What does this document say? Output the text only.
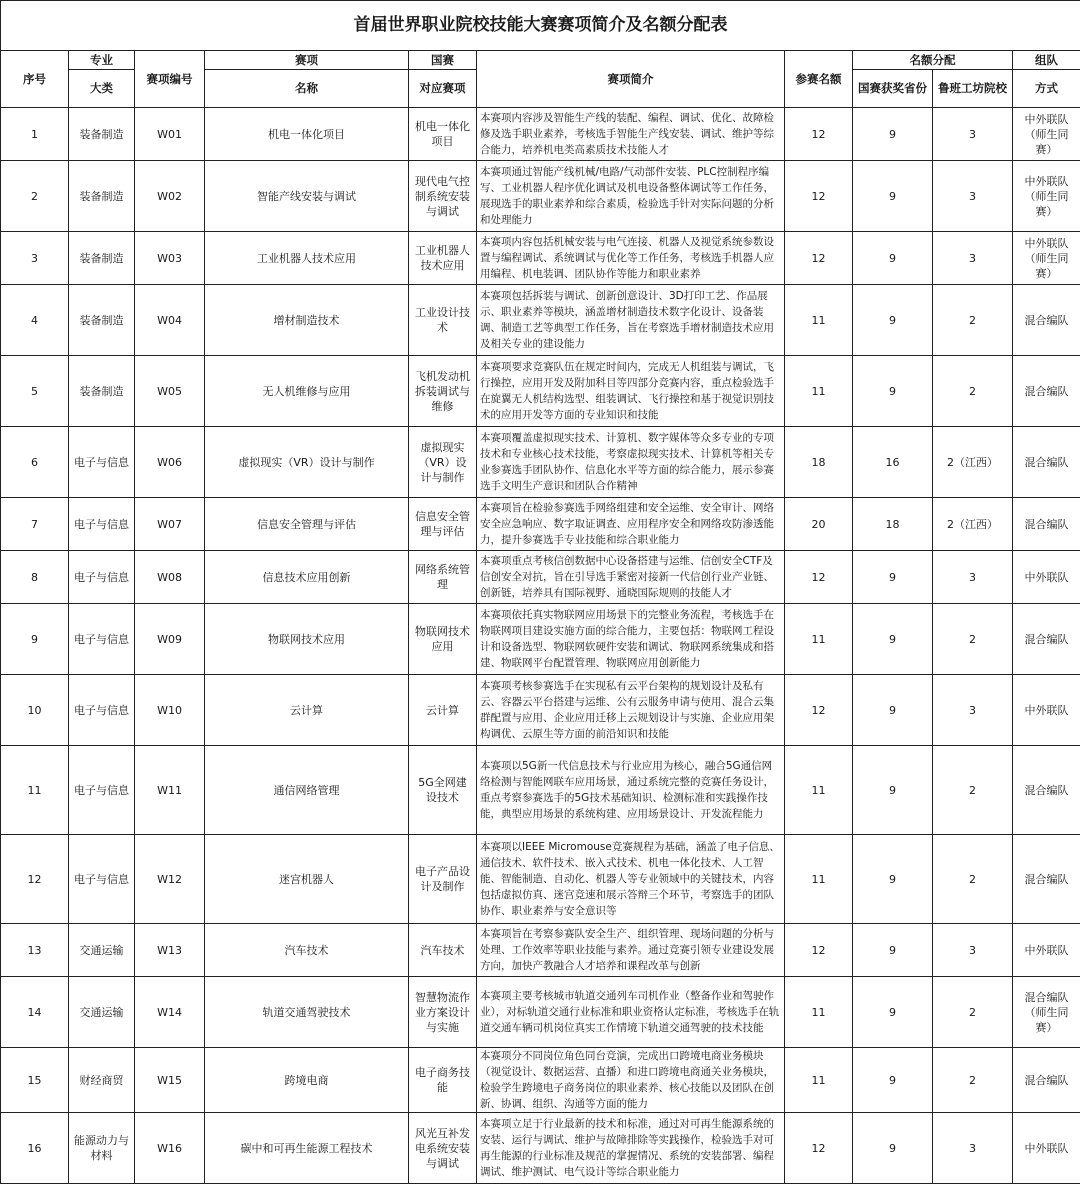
首届世界职业院校技能大赛赛项简介及名额分配表									
序号	专业	赛项编号	赛项	国赛	赛项简介	参赛名额	名额分配		组队
	大类		名称	对应赛项			国赛获奖省份	鲁班工坊院校	方式
1	装备制造	W01	机电一体化项目	机电一体化项目	本赛项内容涉及智能生产线的装配、编程、调试、优化、故障检修及选手职业素养，考核选手智能生产线安装、调试、维护等综合能力，培养机电类高素质技术技能人才	12	9	3	中外联队（师生同赛）
2	装备制造	W02	智能产线安装与调试	现代电气控制系统安装与调试	本赛项通过智能产线机械/电路/气动部件安装、PLC控制程序编写、工业机器人程序优化调试及机电设备整体调试等工作任务，展现选手的职业素养和综合素质，检验选手针对实际问题的分析和处理能力	12	9	3	中外联队（师生同赛）
3	装备制造	W03	工业机器人技术应用	工业机器人技术应用	本赛项内容包括机械安装与电气连接、机器人及视觉系统参数设置与编程调试、系统调试与优化等工作任务，考核选手机器人应用编程、机电装调、团队协作等能力和职业素养	12	9	3	中外联队（师生同赛）
4	装备制造	W04	增材制造技术	工业设计技术	本赛项包括拆装与调试、创新创意设计、3D打印工艺、作品展示、职业素养等模块，涵盖增材制造技术数字化设计、设备装调、制造工艺等典型工作任务，旨在考察选手增材制造技术应用及相关专业的建设能力	11	9	2	混合编队
5	装备制造	W05	无人机维修与应用	飞机发动机拆装调试与维修	本赛项要求竞赛队伍在规定时间内，完成无人机组装与调试，飞行操控，应用开发及附加科目等四部分竞赛内容，重点检验选手在旋翼无人机结构选型、组装调试、飞行操控和基于视觉识别技术的应用开发等方面的专业知识和技能	11	9	2	混合编队
6	电子与信息	W06	虚拟现实（VR）设计与制作	虚拟现实（VR）设计与制作	本赛项覆盖虚拟现实技术、计算机、数字媒体等众多专业的专项技术和专业核心技术技能，考察虚拟现实技术、计算机等相关专业参赛选手团队协作、信息化水平等方面的综合能力，展示参赛选手文明生产意识和团队合作精神	18	16	2（江西）	混合编队
7	电子与信息	W07	信息安全管理与评估	信息安全管理与评估	本赛项旨在检验参赛选手网络组建和安全运维、安全审计、网络安全应急响应、数字取证调查、应用程序安全和网络攻防渗透能力，提升参赛选手专业技能和综合职业能力	20	18	2（江西）	混合编队
8	电子与信息	W08	信息技术应用创新	网络系统管理	本赛项重点考核信创数据中心设备搭建与运维、信创安全CTF及信创安全对抗，旨在引导选手紧密对接新一代信创行业产业链、创新链，培养具有国际视野、通晓国际规则的技能人才	12	9	3	中外联队
9	电子与信息	W09	物联网技术应用	物联网技术应用	本赛项依托真实物联网应用场景下的完整业务流程，考核选手在物联网项目建设实施方面的综合能力，主要包括：物联网工程设计和设备选型、物联网软硬件安装和调试、物联网系统集成和搭建、物联网平台配置管理、物联网应用创新能力	11	9	2	混合编队
10	电子与信息	W10	云计算	云计算	本赛项考核参赛选手在实现私有云平台架构的规划设计及私有云、容器云平台搭建与运维、公有云服务申请与使用、混合云集群配置与应用、企业应用迁移上云规划设计与实施、企业应用架构调优、云原生等方面的前沿知识和技能	12	9	3	中外联队
11	电子与信息	W11	通信网络管理	5G全网建设技术	本赛项以5G新一代信息技术与行业应用为核心，融合5G通信网络检测与智能网联车应用场景，通过系统完整的竞赛任务设计，重点考察参赛选手的5G技术基础知识、检测标准和实践操作技能，典型应用场景的系统构建、应用场景设计、开发流程能力	11	9	2	混合编队
12	电子与信息	W12	迷宫机器人	电子产品设计及制作	本赛项以IEEE Micromouse竞赛规程为基础，涵盖了电子信息、通信技术、软件技术、嵌入式技术、机电一体化技术、人工智能、智能制造、自动化、机器人等专业领域中的关键技术，内容包括虚拟仿真、迷宫竞速和展示答辩三个环节，考察选手的团队协作、职业素养与安全意识等	11	9	2	混合编队
13	交通运输	W13	汽车技术	汽车技术	本赛项旨在考察参赛队安全生产、组织管理、现场问题的分析与处理、工作效率等职业技能与素养。通过竞赛引领专业建设发展方向，加快产教融合人才培养和课程改革与创新	12	9	3	中外联队
14	交通运输	W14	轨道交通驾驶技术	智慧物流作业方案设计与实施	本赛项主要考核城市轨道交通列车司机作业（整备作业和驾驶作业），对标轨道交通行业标准和职业资格认定标准，考核选手在轨道交通车辆司机岗位真实工作情境下轨道交通驾驶的技术技能	11	9	2	混合编队（师生同赛）
15	财经商贸	W15	跨境电商	电子商务技能	本赛项分不同岗位角色同台竞演，完成出口跨境电商业务模块（视觉设计、数据运营、直播）和进口跨境电商通关业务模块，检验学生跨境电子商务岗位的职业素养、核心技能以及团队在创新、协调、组织、沟通等方面的能力	11	9	2	混合编队
16	能源动力与材料	W16	碳中和可再生能源工程技术	风光互补发电系统安装与调试	本赛项立足于行业最新的技术和标准，通过对可再生能源系统的安装、运行与调试、维护与故障排除等实践操作，检验选手对可再生能源的行业标准及规范的掌握情况、系统的安装部署、编程调试、维护测试、电气设计等综合职业能力	12	9	3	中外联队
